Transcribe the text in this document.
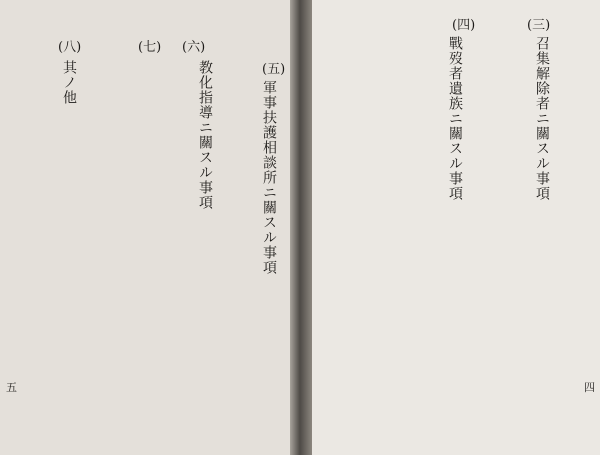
(三)
召集解除者ニ關スル事項
(四)
戰歿者遺族ニ關スル事項
四
(五)
軍事扶護相談所ニ關スル事項
(六)
教化指導ニ關スル事項
(七)
(八)
其ノ他
五
